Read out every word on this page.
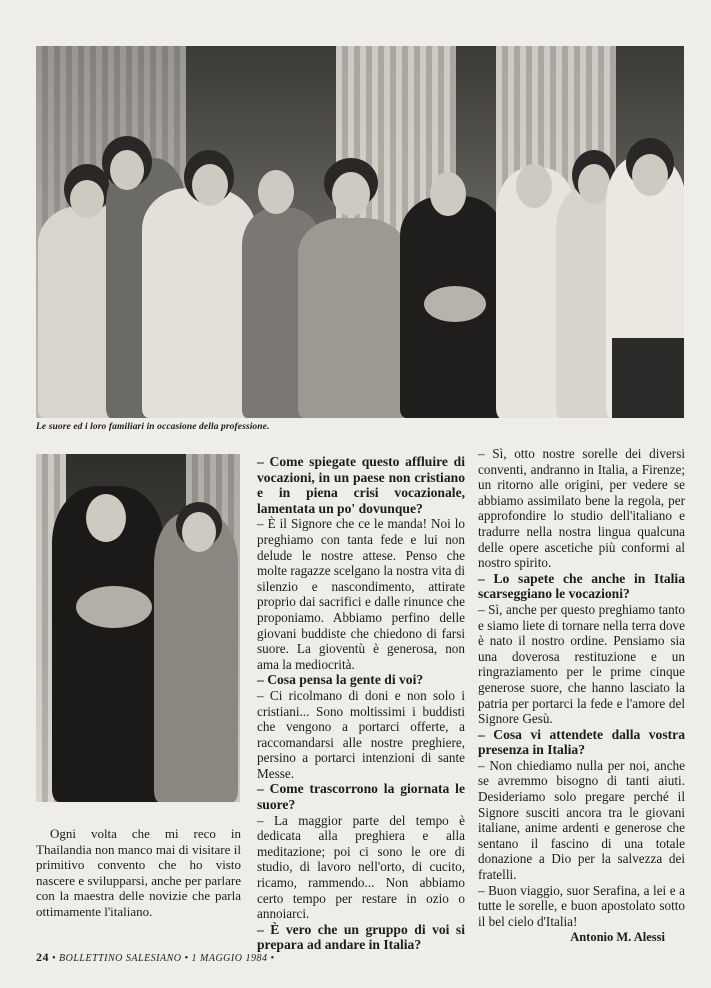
Le suore ed i loro familiari in occasione della professione.

Ogni volta che mi reco in Thailandia non manco mai di visitare il primitivo convento che ho visto nascere e svilupparsi, anche per parlare con la maestra delle novizie che parla ottimamente l'italiano.

– Come spiegate questo affluire di vocazioni, in un paese non cristiano e in piena crisi vocazionale, lamentata un po' dovunque?

– È il Signore che ce le manda! Noi lo preghiamo con tanta fede e lui non delude le nostre attese. Penso che molte ragazze scelgano la nostra vita di silenzio e nascondimento, attirate proprio dai sacrifici e dalle rinunce che proponiamo. Abbiamo perfino delle giovani buddiste che chiedono di farsi suore. La gioventù è generosa, non ama la mediocrità.

– Cosa pensa la gente di voi?

– Ci ricolmano di doni e non solo i cristiani... Sono moltissimi i buddisti che vengono a portarci offerte, a raccomandarsi alle nostre preghiere, persino a portarci intenzioni di sante Messe.

– Come trascorrono la giornata le suore?

– La maggior parte del tempo è dedicata alla preghiera e alla meditazione; poi ci sono le ore di studio, di lavoro nell'orto, di cucito, ricamo, rammendo... Non abbiamo certo tempo per restare in ozio o annoiarci.

– È vero che un gruppo di voi si prepara ad andare in Italia?

– Sì, otto nostre sorelle dei diversi conventi, andranno in Italia, a Firenze; un ritorno alle origini, per vedere se abbiamo assimilato bene la regola, per approfondire lo studio dell'italiano e tradurre nella nostra lingua qualcuna delle opere ascetiche più conformi al nostro spirito.

– Lo sapete che anche in Italia scarseggiano le vocazioni?

– Sì, anche per questo preghiamo tanto e siamo liete di tornare nella terra dove è nato il nostro ordine. Pensiamo sia una doverosa restituzione e un ringraziamento per le prime cinque generose suore, che hanno lasciato la patria per portarci la fede e l'amore del Signore Gesù.

– Cosa vi attendete dalla vostra presenza in Italia?

– Non chiediamo nulla per noi, anche se avremmo bisogno di tanti aiuti. Desideriamo solo pregare perché il Signore susciti ancora tra le giovani italiane, anime ardenti e generose che sentano il fascino di una totale donazione a Dio per la salvezza dei fratelli.

– Buon viaggio, suor Serafina, a lei e a tutte le sorelle, e buon apostolato sotto il bel cielo d'Italia!

Antonio M. Alessi
24 • BOLLETTINO SALESIANO • 1 MAGGIO 1984 •
